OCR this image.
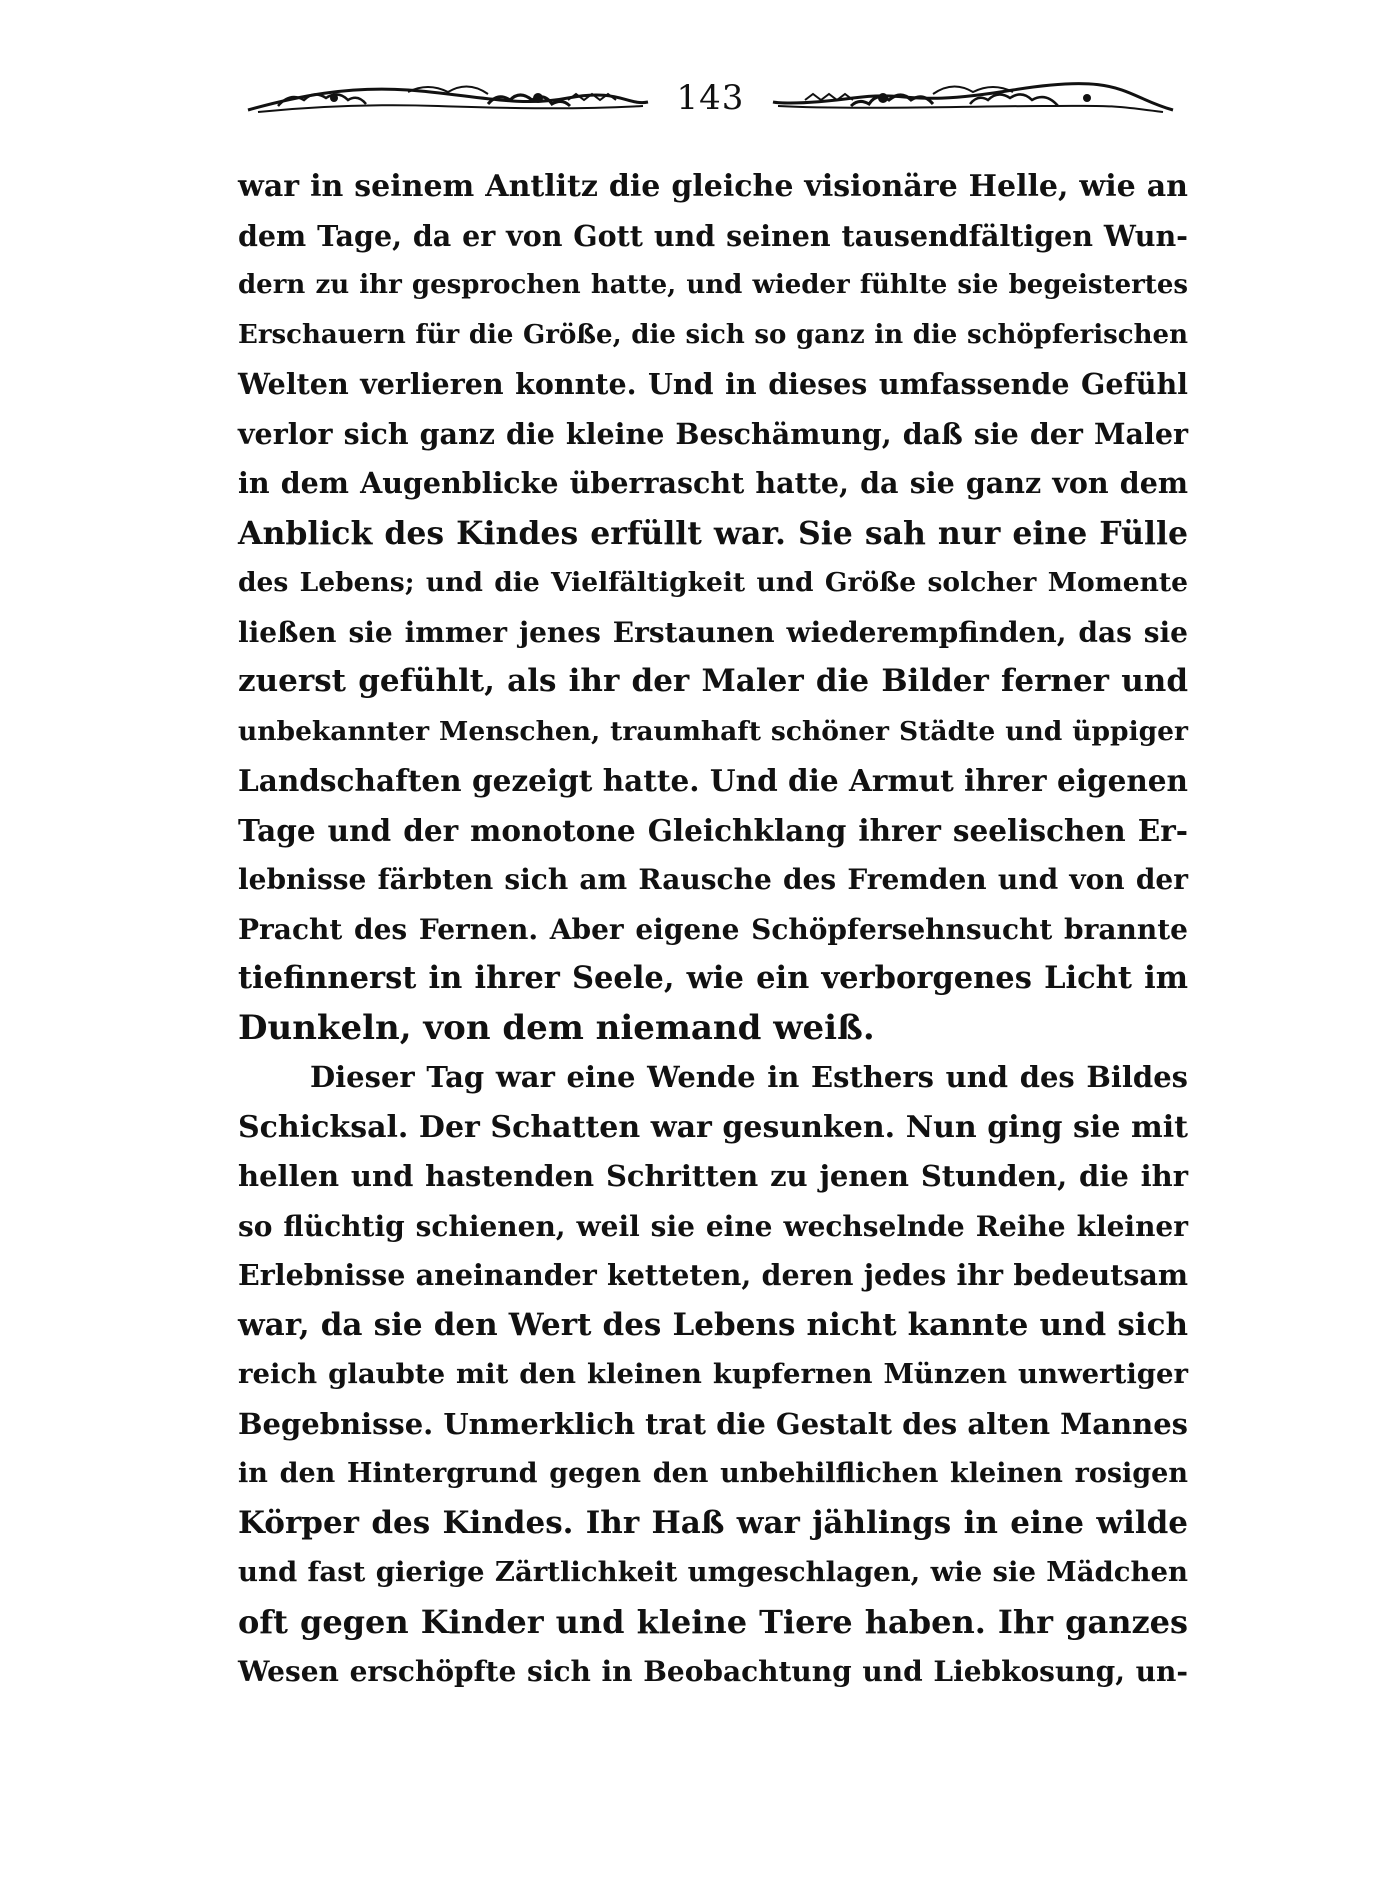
143
war in seinem Antlitz die gleiche visionäre Helle, wie an
dem Tage, da er von Gott und seinen tausendfältigen Wun-
dern zu ihr gesprochen hatte, und wieder fühlte sie begeistertes
Erschauern für die Größe, die sich so ganz in die schöpferischen
Welten verlieren konnte. Und in dieses umfassende Gefühl
verlor sich ganz die kleine Beschämung, daß sie der Maler
in dem Augenblicke überrascht hatte, da sie ganz von dem
Anblick des Kindes erfüllt war. Sie sah nur eine Fülle
des Lebens; und die Vielfältigkeit und Größe solcher Momente
ließen sie immer jenes Erstaunen wiederempfinden, das sie
zuerst gefühlt, als ihr der Maler die Bilder ferner und
unbekannter Menschen, traumhaft schöner Städte und üppiger
Landschaften gezeigt hatte. Und die Armut ihrer eigenen
Tage und der monotone Gleichklang ihrer seelischen Er-
lebnisse färbten sich am Rausche des Fremden und von der
Pracht des Fernen. Aber eigene Schöpfersehnsucht brannte
tiefinnerst in ihrer Seele, wie ein verborgenes Licht im
Dunkeln, von dem niemand weiß.
Dieser Tag war eine Wende in Esthers und des Bildes
Schicksal. Der Schatten war gesunken. Nun ging sie mit
hellen und hastenden Schritten zu jenen Stunden, die ihr
so flüchtig schienen, weil sie eine wechselnde Reihe kleiner
Erlebnisse aneinander ketteten, deren jedes ihr bedeutsam
war, da sie den Wert des Lebens nicht kannte und sich
reich glaubte mit den kleinen kupfernen Münzen unwertiger
Begebnisse. Unmerklich trat die Gestalt des alten Mannes
in den Hintergrund gegen den unbehilflichen kleinen rosigen
Körper des Kindes. Ihr Haß war jählings in eine wilde
und fast gierige Zärtlichkeit umgeschlagen, wie sie Mädchen
oft gegen Kinder und kleine Tiere haben. Ihr ganzes
Wesen erschöpfte sich in Beobachtung und Liebkosung, un-
